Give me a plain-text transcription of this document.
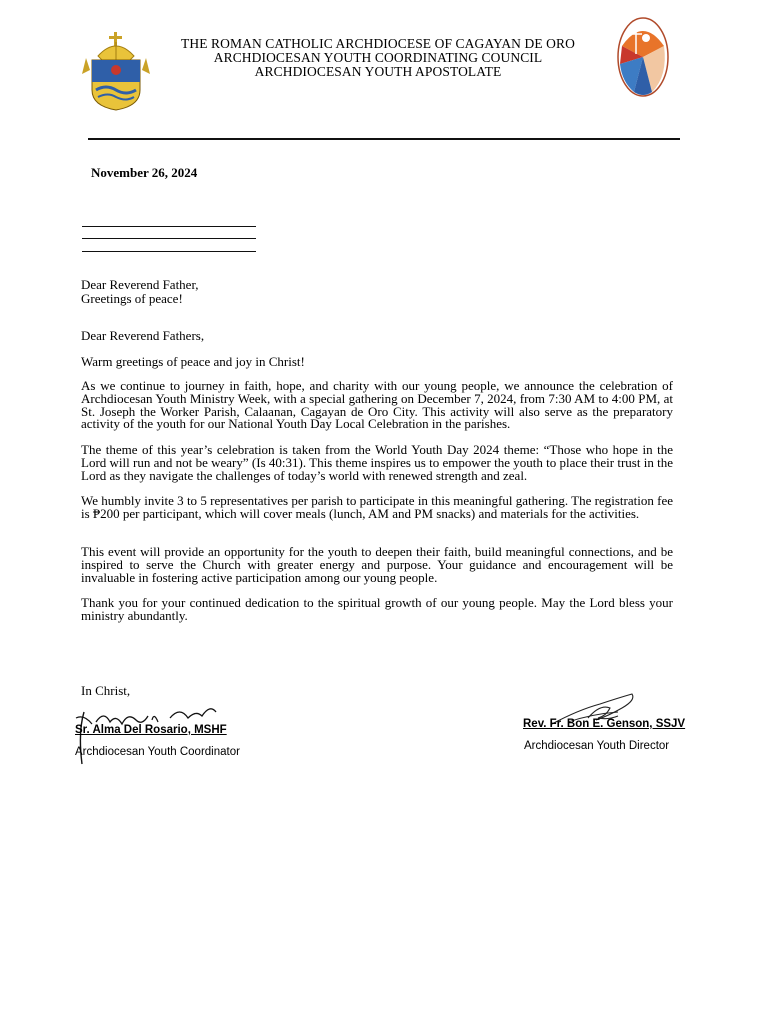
THE ROMAN CATHOLIC ARCHDIOCESE OF CAGAYAN DE ORO
ARCHDIOCESAN YOUTH COORDINATING COUNCIL
ARCHDIOCESAN YOUTH APOSTOLATE
November 26, 2024
Dear Reverend Father,
Greetings of peace!
Dear Reverend Fathers,
Warm greetings of peace and joy in Christ!
As we continue to journey in faith, hope, and charity with our young people, we announce the celebration of Archdiocesan Youth Ministry Week, with a special gathering on December 7, 2024, from 7:30 AM to 4:00 PM, at St. Joseph the Worker Parish, Calaanan, Cagayan de Oro City. This activity will also serve as the preparatory activity of the youth for our National Youth Day Local Celebration in the parishes.
The theme of this year’s celebration is taken from the World Youth Day 2024 theme: “Those who hope in the Lord will run and not be weary” (Is 40:31). This theme inspires us to empower the youth to place their trust in the Lord as they navigate the challenges of today’s world with renewed strength and zeal.
We humbly invite 3 to 5 representatives per parish to participate in this meaningful gathering. The registration fee is ₱200 per participant, which will cover meals (lunch, AM and PM snacks) and materials for the activities.
This event will provide an opportunity for the youth to deepen their faith, build meaningful connections, and be inspired to serve the Church with greater energy and purpose. Your guidance and encouragement will be invaluable in fostering active participation among our young people.
Thank you for your continued dedication to the spiritual growth of our young people. May the Lord bless your ministry abundantly.
In Christ,
Sr. Alma Del Rosario, MSHF
Archdiocesan Youth Coordinator
Rev. Fr. Bon E. Genson, SSJV
Archdiocesan Youth Director
